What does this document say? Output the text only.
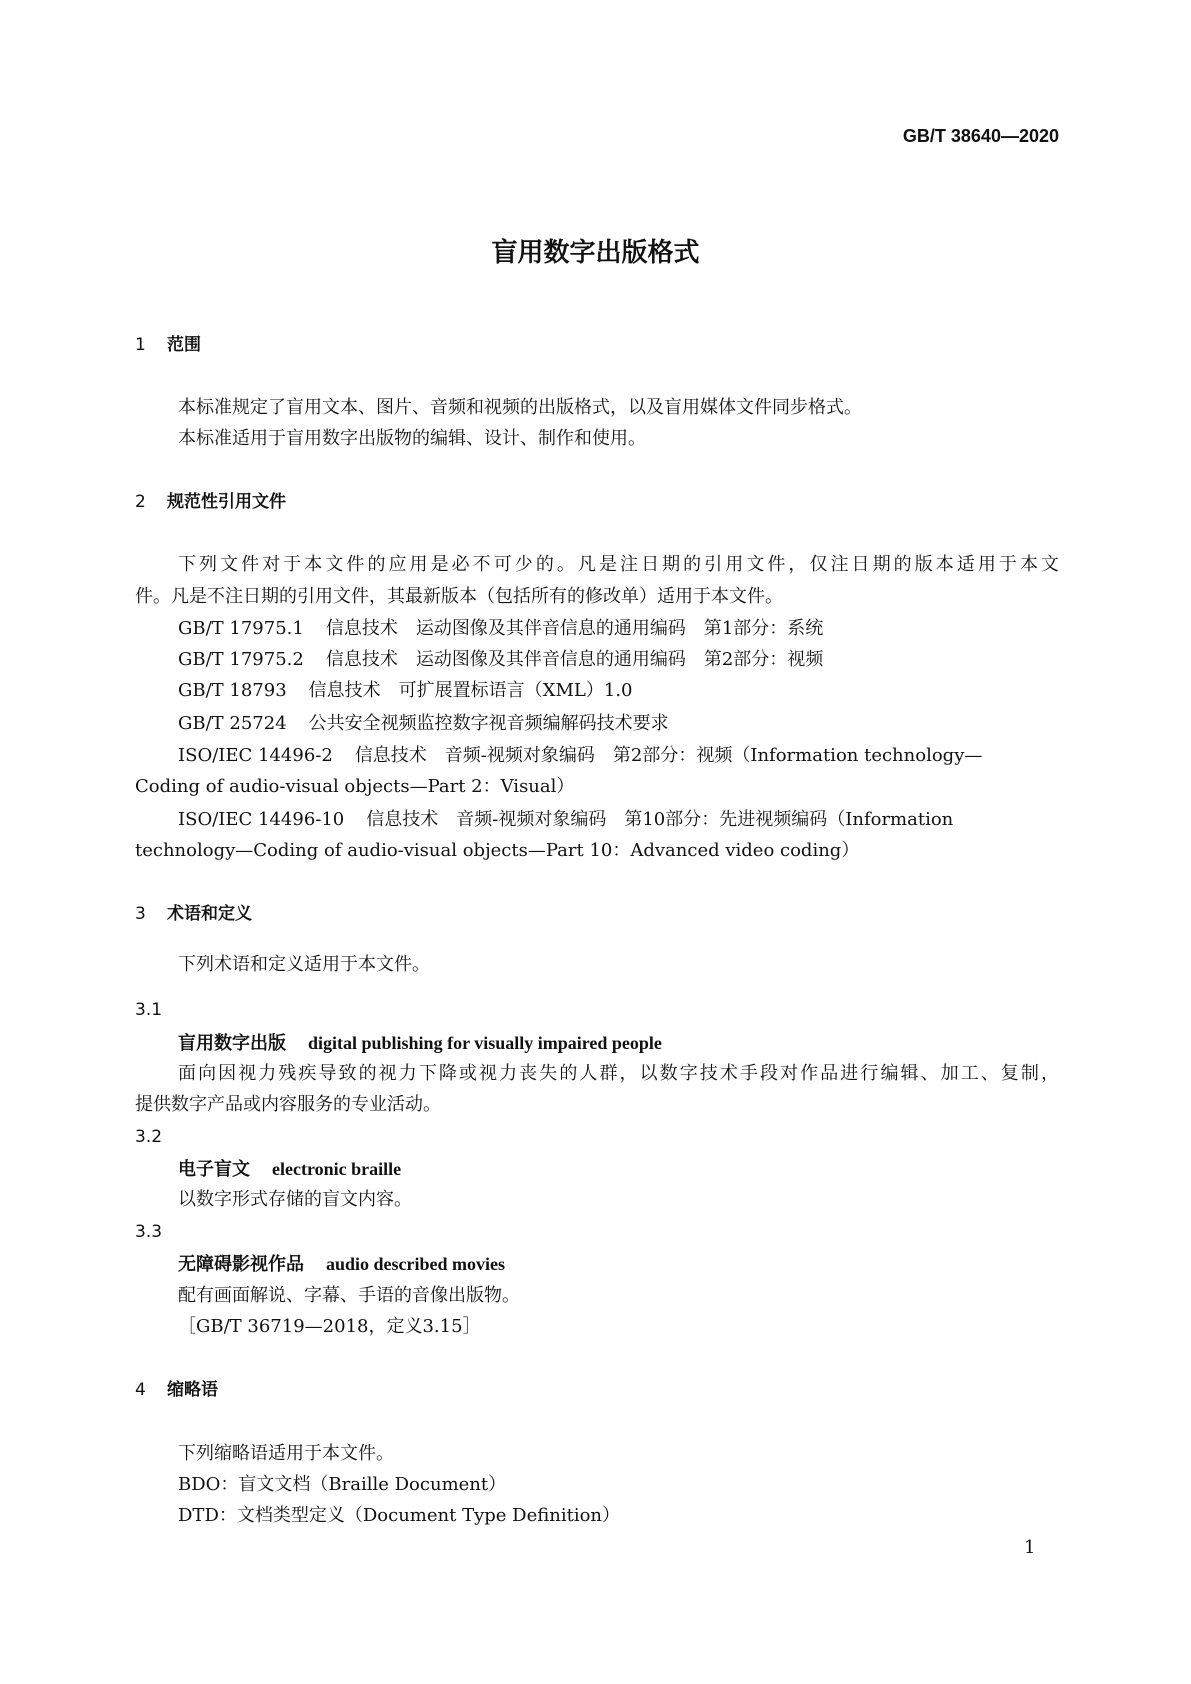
GB/T 38640—2020
盲用数字出版格式
1 范围
本标准规定了盲用文本、图片、音频和视频的出版格式，以及盲用媒体文件同步格式。
本标准适用于盲用数字出版物的编辑、设计、制作和使用。
2 规范性引用文件
下列文件对于本文件的应用是必不可少的。凡是注日期的引用文件，仅注日期的版本适用于本文
件。凡是不注日期的引用文件，其最新版本（包括所有的修改单）适用于本文件。
GB/T 17975.1 信息技术　运动图像及其伴音信息的通用编码　第1部分：系统
GB/T 17975.2 信息技术　运动图像及其伴音信息的通用编码　第2部分：视频
GB/T 18793 信息技术　可扩展置标语言（XML）1.0
GB/T 25724 公共安全视频监控数字视音频编解码技术要求
ISO/IEC 14496-2 信息技术　音频-视频对象编码　第2部分：视频（Information technology—
Coding of audio-visual objects—Part 2：Visual）
ISO/IEC 14496-10 信息技术　音频-视频对象编码　第10部分：先进视频编码（Information
technology—Coding of audio-visual objects—Part 10：Advanced video coding）
3 术语和定义
下列术语和定义适用于本文件。
3.1
盲用数字出版 digital publishing for visually impaired people
面向因视力残疾导致的视力下降或视力丧失的人群，以数字技术手段对作品进行编辑、加工、复制，
提供数字产品或内容服务的专业活动。
3.2
电子盲文 electronic braille
以数字形式存储的盲文内容。
3.3
无障碍影视作品 audio described movies
配有画面解说、字幕、手语的音像出版物。
［GB/T 36719—2018，定义3.15］
4 缩略语
下列缩略语适用于本文件。
BDO：盲文文档（Braille Document）
DTD：文档类型定义（Document Type Definition）
1
